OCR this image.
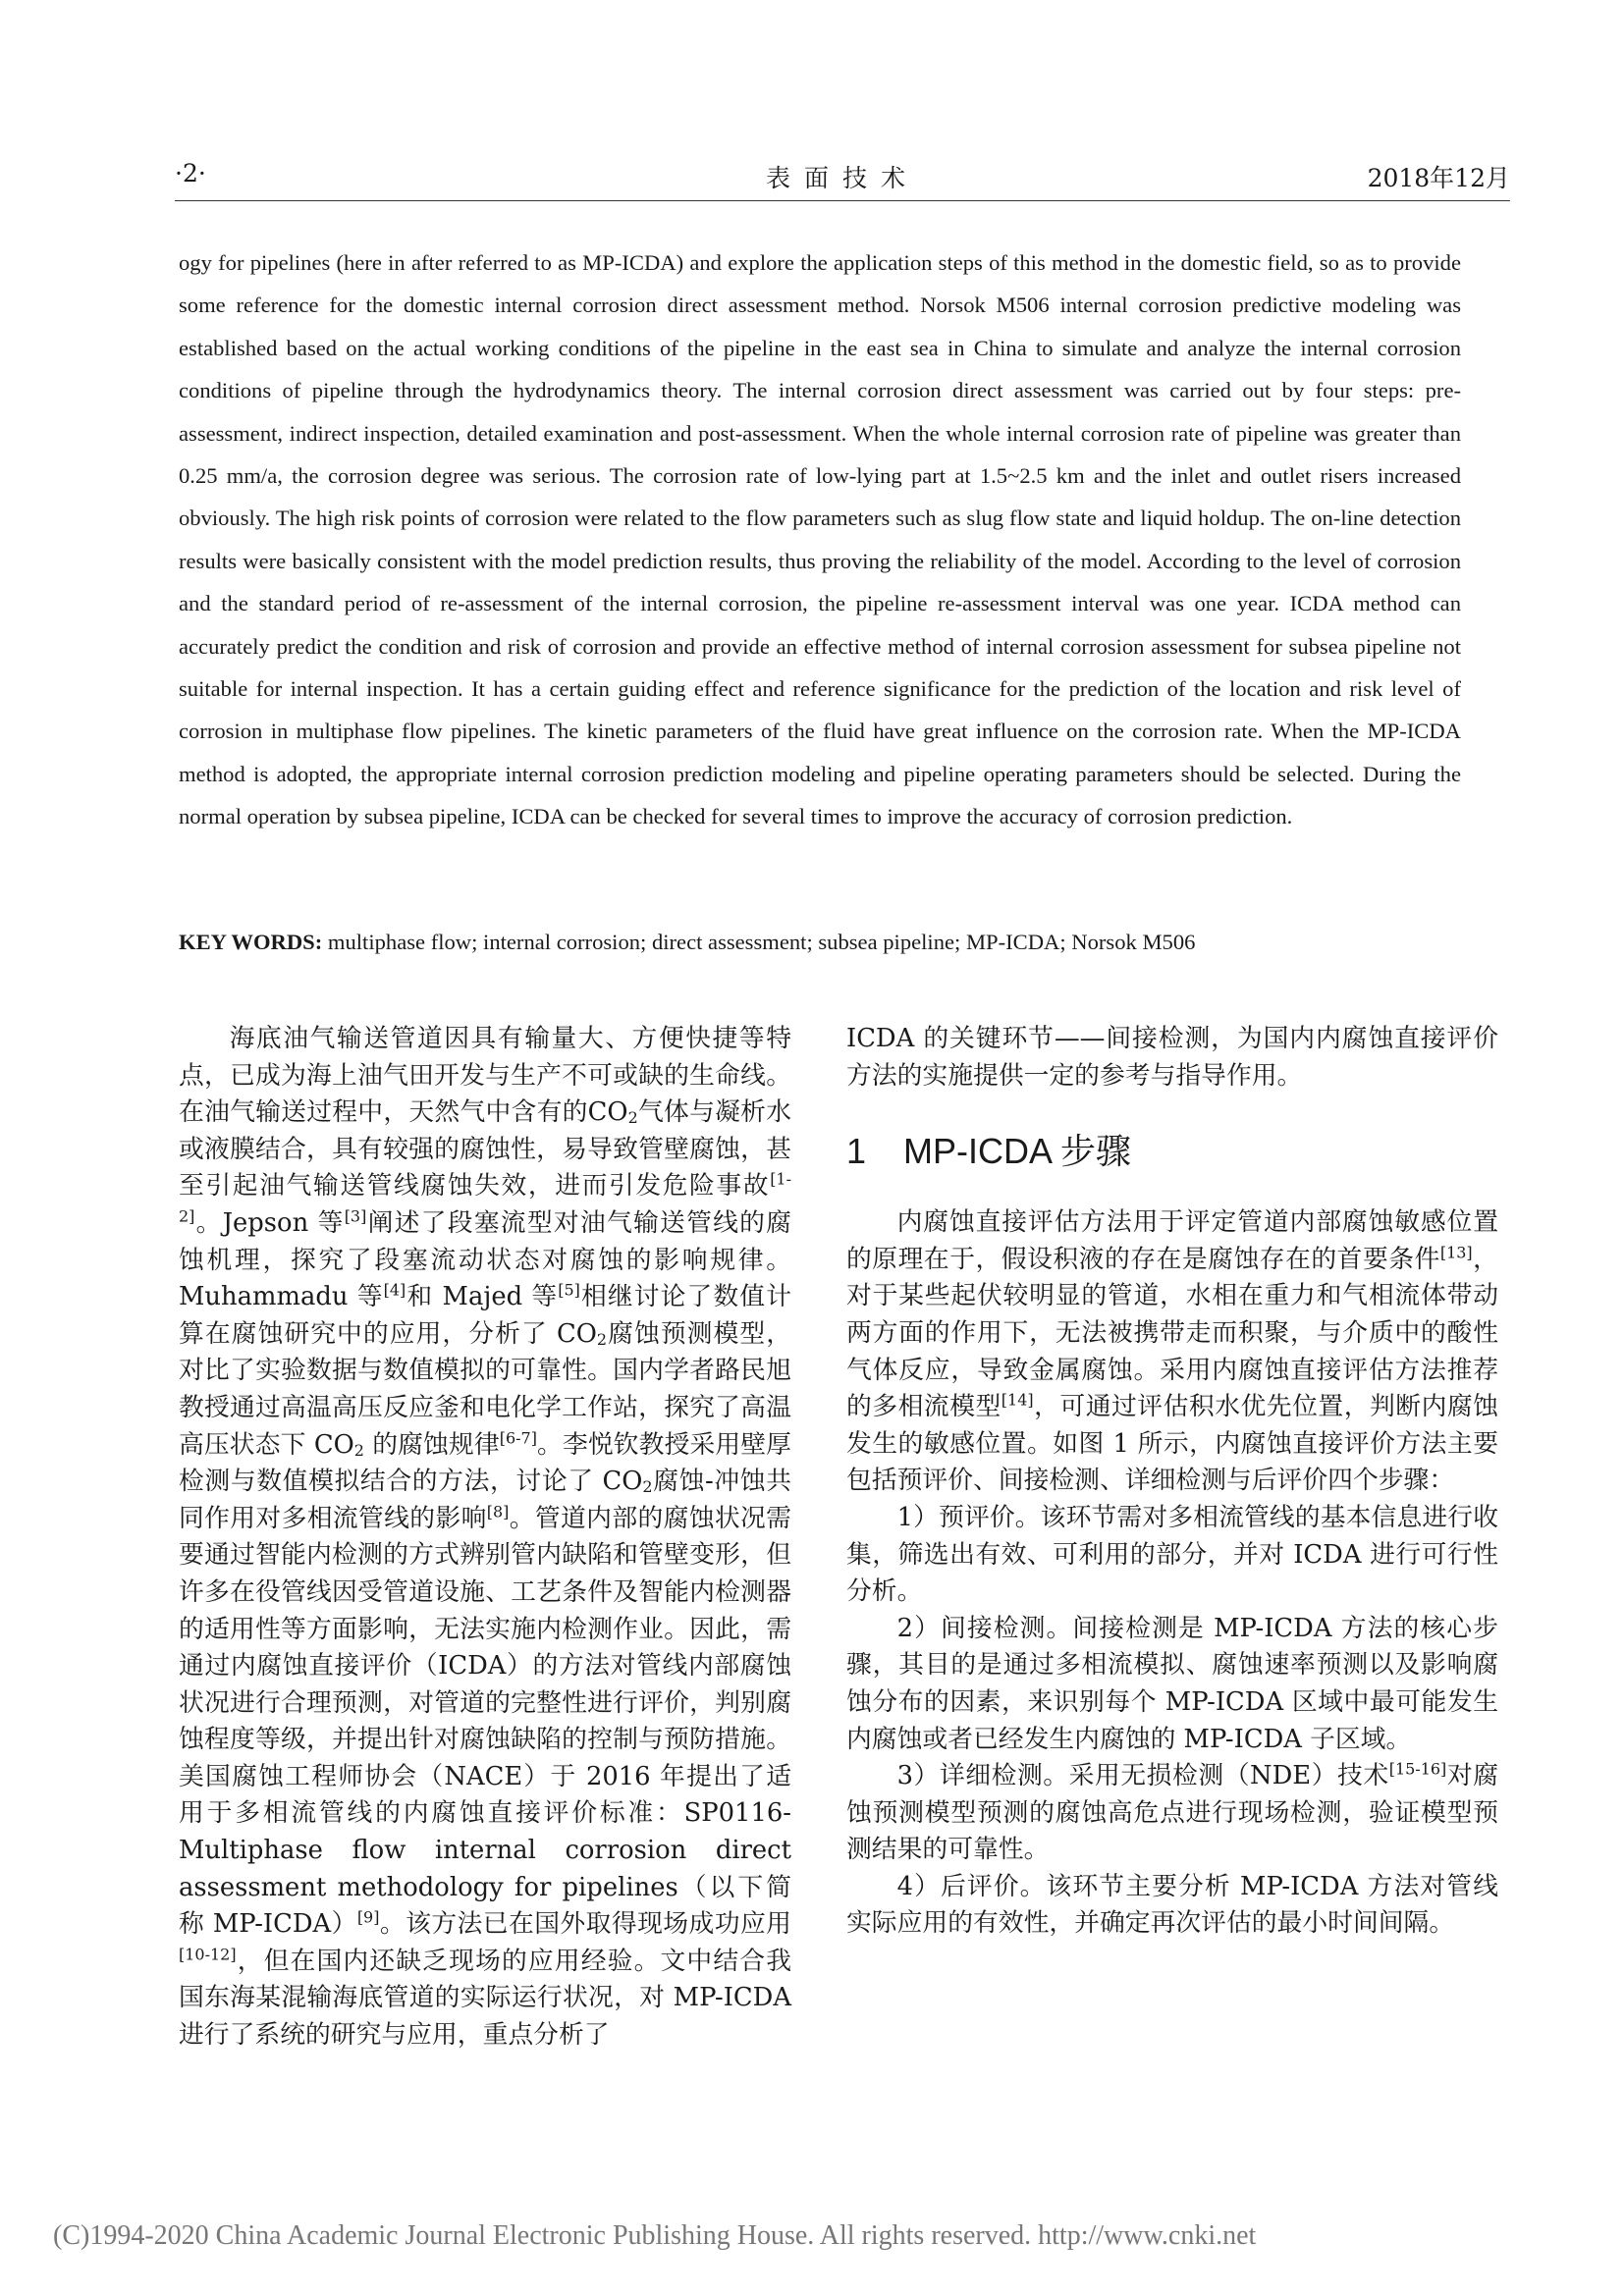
·2·	表面技术	2018年12月

ogy for pipelines (here in after referred to as MP-ICDA) and explore the application steps of this method in the domestic field, so as to provide some reference for the domestic internal corrosion direct assessment method. Norsok M506 internal corrosion predictive modeling was established based on the actual working conditions of the pipeline in the east sea in China to simulate and analyze the internal corrosion conditions of pipeline through the hydrodynamics theory. The internal corrosion direct assessment was carried out by four steps: pre-assessment, indirect inspection, detailed examination and post-assessment. When the whole internal corrosion rate of pipeline was greater than 0.25 mm/a, the corrosion degree was serious. The corrosion rate of low-lying part at 1.5~2.5 km and the inlet and outlet risers increased obviously. The high risk points of corrosion were related to the flow parameters such as slug flow state and liquid holdup. The on-line detection results were basically consistent with the model prediction results, thus proving the reliability of the model. According to the level of corrosion and the standard period of re-assessment of the internal corrosion, the pipeline re-assessment interval was one year. ICDA method can accurately predict the condition and risk of corrosion and provide an effective method of internal corrosion assessment for subsea pipeline not suitable for internal inspection. It has a certain guiding effect and reference significance for the prediction of the location and risk level of corrosion in multiphase flow pipelines. The kinetic parameters of the fluid have great influence on the corrosion rate. When the MP-ICDA method is adopted, the appropriate internal corrosion prediction modeling and pipeline operating parameters should be selected. During the normal operation by subsea pipeline, ICDA can be checked for several times to improve the accuracy of corrosion prediction.

KEY WORDS: multiphase flow; internal corrosion; direct assessment; subsea pipeline; MP-ICDA; Norsok M506

海底油气输送管道因具有输量大、方便快捷等特点，已成为海上油气田开发与生产不可或缺的生命线。在油气输送过程中，天然气中含有的$CO_2$气体与凝析水或液膜结合，具有较强的腐蚀性，易导致管壁腐蚀，甚至引起油气输送管线腐蚀失效，进而引发危险事故[1-2]。Jepson 等[3]阐述了段塞流型对油气输送管线的腐蚀机理，探究了段塞流动状态对腐蚀的影响规律。Muhammadu 等[4]和 Majed 等[5]相继讨论了数值计算在腐蚀研究中的应用，分析了 $CO_2$腐蚀预测模型，对比了实验数据与数值模拟的可靠性。国内学者路民旭教授通过高温高压反应釜和电化学工作站，探究了高温高压状态下 $CO_2$ 的腐蚀规律[6-7]。李悦钦教授采用壁厚检测与数值模拟结合的方法，讨论了 $CO_2$腐蚀-冲蚀共同作用对多相流管线的影响[8]。管道内部的腐蚀状况需要通过智能内检测的方式辨别管内缺陷和管壁变形，但许多在役管线因受管道设施、工艺条件及智能内检测器的适用性等方面影响，无法实施内检测作业。因此，需通过内腐蚀直接评价（ICDA）的方法对管线内部腐蚀状况进行合理预测，对管道的完整性进行评价，判别腐蚀程度等级，并提出针对腐蚀缺陷的控制与预防措施。美国腐蚀工程师协会（NACE）于 2016 年提出了适用于多相流管线的内腐蚀直接评价标准：SP0116-Multiphase flow internal corrosion direct assessment methodology for pipelines（以下简称 MP-ICDA）[9]。该方法已在国外取得现场成功应用[10-12]，但在国内还缺乏现场的应用经验。文中结合我国东海某混输海底管道的实际运行状况，对 MP-ICDA 进行了系统的研究与应用，重点分析了

ICDA 的关键环节——间接检测，为国内内腐蚀直接评价方法的实施提供一定的参考与指导作用。

1 MP-ICDA 步骤

内腐蚀直接评估方法用于评定管道内部腐蚀敏感位置的原理在于，假设积液的存在是腐蚀存在的首要条件[13]，对于某些起伏较明显的管道，水相在重力和气相流体带动两方面的作用下，无法被携带走而积聚，与介质中的酸性气体反应，导致金属腐蚀。采用内腐蚀直接评估方法推荐的多相流模型[14]，可通过评估积水优先位置，判断内腐蚀发生的敏感位置。如图 1 所示，内腐蚀直接评价方法主要包括预评价、间接检测、详细检测与后评价四个步骤：

1）预评价。该环节需对多相流管线的基本信息进行收集，筛选出有效、可利用的部分，并对 ICDA 进行可行性分析。

2）间接检测。间接检测是 MP-ICDA 方法的核心步骤，其目的是通过多相流模拟、腐蚀速率预测以及影响腐蚀分布的因素，来识别每个 MP-ICDA 区域中最可能发生内腐蚀或者已经发生内腐蚀的 MP-ICDA 子区域。

3）详细检测。采用无损检测（NDE）技术[15-16]对腐蚀预测模型预测的腐蚀高危点进行现场检测，验证模型预测结果的可靠性。

4）后评价。该环节主要分析 MP-ICDA 方法对管线实际应用的有效性，并确定再次评估的最小时间间隔。

(C)1994-2020 China Academic Journal Electronic Publishing House. All rights reserved. http://www.cnki.net
